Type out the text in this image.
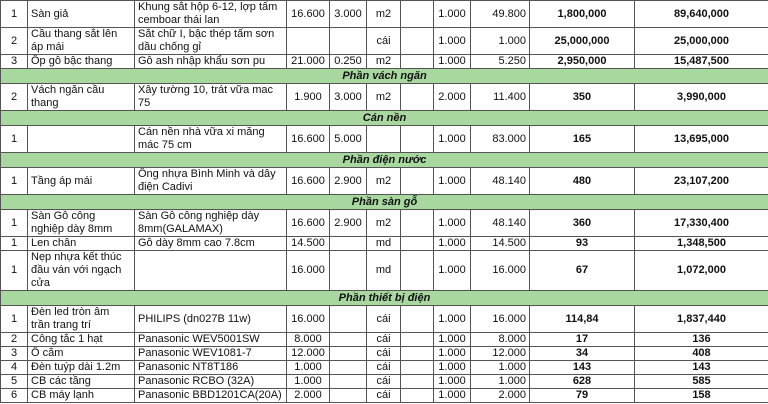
1	Sàn giả	Khung sắt hộp 6-12, lợp tấm cemboar thái lan	16.600	3.000	m2		1.000	49.800	1,800,000	89,640,000
2	Cầu thang sắt lên áp mái	Sắt chữ I, bậc thép tấm sơn dầu chống gỉ			cái		1.000	1.000	25,000,000	25,000,000
3	Ốp gỗ bậc thang	Gỗ ash nhập khẩu sơn pu	21.000	0.250	m2		1.000	5.250	2,950,000	15,487,500
Phần vách ngăn										
2	Vách ngăn cầu thang	Xây tường 10, trát vữa mac 75	1.900	3.000	m2		2.000	11.400	350	3,990,000
Cán nền										
1		Cán nền nhà vữa xi măng mác 75 cm	16.600	5.000			1.000	83.000	165	13,695,000
Phần điện nước										
1	Tầng áp mái	Ống nhựa Bình Minh và dây điện Cadivi	16.600	2.900	m2		1.000	48.140	480	23,107,200
Phần sàn gỗ										
1	Sàn Gỗ công nghiệp dày 8mm	Sàn Gỗ công nghiệp dày 8mm(GALAMAX)	16.600	2.900	m2		1.000	48.140	360	17,330,400
1	Len chân	Gỗ dày 8mm cao 7.8cm	14.500		md		1.000	14.500	93	1,348,500
1	Nẹp nhựa kết thúc đầu ván với ngạch cửa		16.000		md		1.000	16.000	67	1,072,000
Phần thiết bị điện										
1	Đèn led tròn âm trần trang trí	PHILIPS (dn027B 11w)	16.000		cái		1.000	16.000	114,84	1,837,440
2	Công tắc 1 hạt	Panasonic WEV5001SW	8.000		cái		1.000	8.000	17	136
3	Ổ cắm	Panasonic WEV1081-7	12.000		cái		1.000	12.000	34	408
4	Đèn tuýp dài 1.2m	Panasonic NT8T186	1.000		cái		1.000	1.000	143	143
5	CB các tầng	Panasonic RCBO (32A)	1.000		cái		1.000	1.000	628	585
6	CB máy lạnh	Panasonic BBD1201CA(20A)	2.000		cái		1.000	2.000	79	158
